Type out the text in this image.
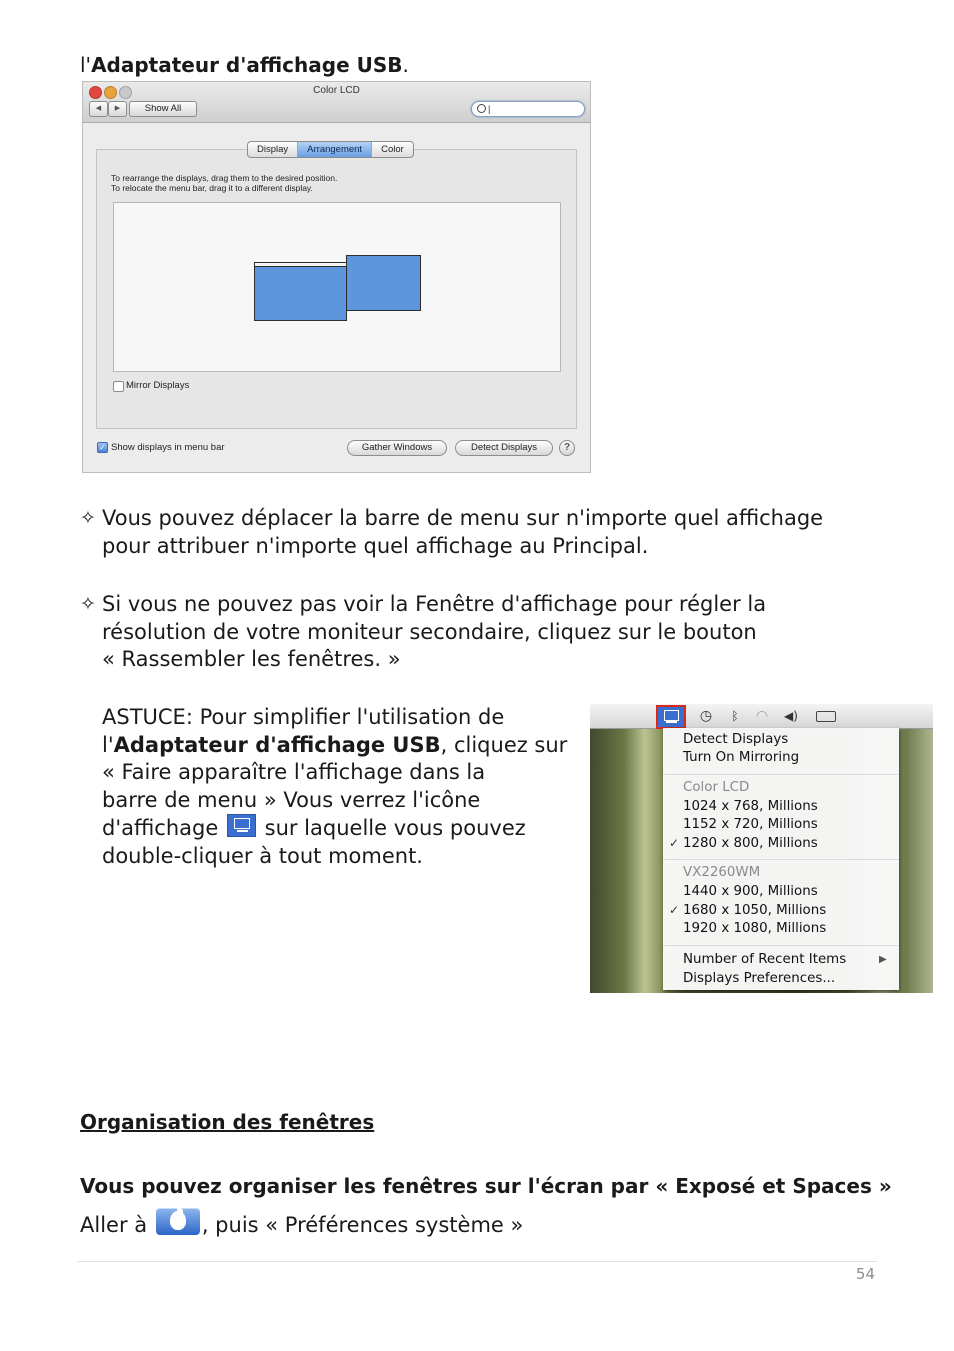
l'Adaptateur d'affichage USB.
Color LCD
◀	▶	Show All	|
Display	Arrangement	Color
To rearrange the displays, drag them to the desired position.
To relocate the menu bar, drag it to a different display.
Mirror Displays
✓ Show displays in menu bar	Gather Windows	Detect Displays	?
✧ Vous pouvez déplacer la barre de menu sur n'importe quel affichage
pour attribuer n'importe quel affichage au Principal.
✧ Si vous ne pouvez pas voir la Fenêtre d'affichage pour régler la
résolution de votre moniteur secondaire, cliquez sur le bouton
« Rassembler les fenêtres. »
ASTUCE: Pour simplifier l'utilisation de
l'Adaptateur d'affichage USB, cliquez sur
« Faire apparaître l'affichage dans la
barre de menu » Vous verrez l'icône
d'affichage sur laquelle vous pouvez
double-cliquer à tout moment.
◷	ᛒ	◠ ◀)
Detect Displays
Turn On Mirroring
Color LCD
1024 x 768, Millions
1152 x 720, Millions
✓ 1280 x 800, Millions
VX2260WM
1440 x 900, Millions
✓ 1680 x 1050, Millions
1920 x 1080, Millions
Number of Recent Items	▶
Displays Preferences...
Organisation des fenêtres
Vous pouvez organiser les fenêtres sur l'écran par « Exposé et Spaces »
Aller à	, puis « Préférences système »
54
